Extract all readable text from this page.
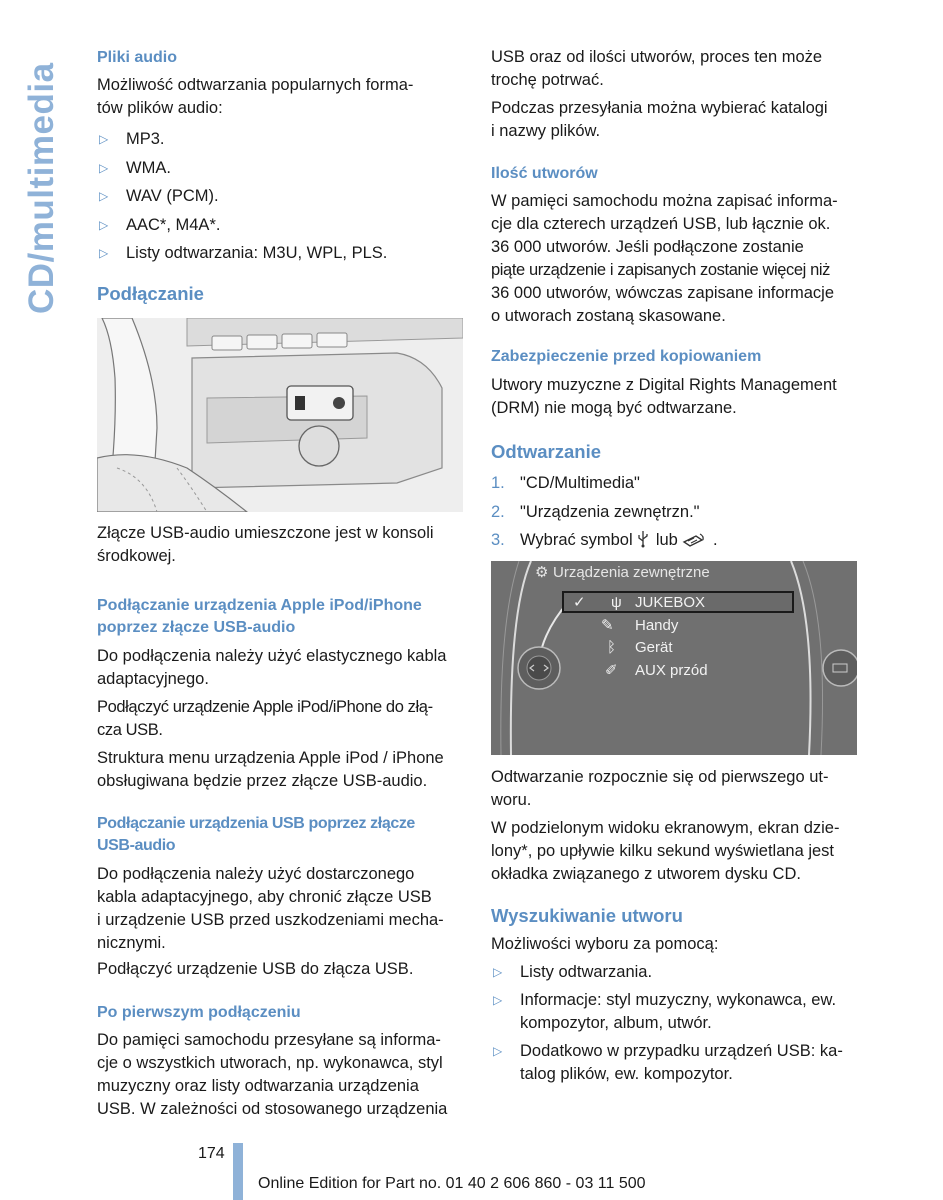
CD/multimedia
Pliki audio
Możliwość odtwarzania popularnych forma-
tów plików audio:
▷ MP3.
▷ WMA.
▷ WAV (PCM).
▷ AAC*, M4A*.
▷ Listy odtwarzania: M3U, WPL, PLS.
Podłączanie
Złącze USB-audio umieszczone jest w konsoli
środkowej.
Podłączanie urządzenia Apple iPod/iPhone
poprzez złącze USB-audio
Do podłączenia należy użyć elastycznego kabla
adaptacyjnego.
Podłączyć urządzenie Apple iPod/iPhone do złą-
cza USB.
Struktura menu urządzenia Apple iPod / iPhone
obsługiwana będzie przez złącze USB-audio.
Podłączanie urządzenia USB poprzez złącze
USB-audio
Do podłączenia należy użyć dostarczonego
kabla adaptacyjnego, aby chronić złącze USB
i urządzenie USB przed uszkodzeniami mecha-
nicznymi.
Podłączyć urządzenie USB do złącza USB.
Po pierwszym podłączeniu
Do pamięci samochodu przesyłane są informa-
cje o wszystkich utworach, np. wykonawca, styl
muzyczny oraz listy odtwarzania urządzenia
USB. W zależności od stosowanego urządzenia
USB oraz od ilości utworów, proces ten może
trochę potrwać.
Podczas przesyłania można wybierać katalogi
i nazwy plików.
Ilość utworów
W pamięci samochodu można zapisać informa-
cje dla czterech urządzeń USB, lub łącznie ok.
36 000 utworów. Jeśli podłączone zostanie
piąte urządzenie i zapisanych zostanie więcej niż
36 000 utworów, wówczas zapisane informacje
o utworach zostaną skasowane.
Zabezpieczenie przed kopiowaniem
Utwory muzyczne z Digital Rights Management
(DRM) nie mogą być odtwarzane.
Odtwarzanie
1. "CD/Multimedia"
2. "Urządzenia zewnętrzn."
3. Wybrać symbol lub .
⚙ Urządzenia zewnętrzne
✓ ψ JUKEBOX
✎ Handy
ᛒ Gerät
✐ AUX przód
Odtwarzanie rozpocznie się od pierwszego ut-
woru.
W podzielonym widoku ekranowym, ekran dzie-
lony*, po upływie kilku sekund wyświetlana jest
okładka związanego z utworem dysku CD.
Wyszukiwanie utworu
Możliwości wyboru za pomocą:
▷ Listy odtwarzania.
▷ Informacje: styl muzyczny, wykonawca, ew.
kompozytor, album, utwór.
▷ Dodatkowo w przypadku urządzeń USB: ka-
talog plików, ew. kompozytor.
174
Online Edition for Part no. 01 40 2 606 860 - 03 11 500
